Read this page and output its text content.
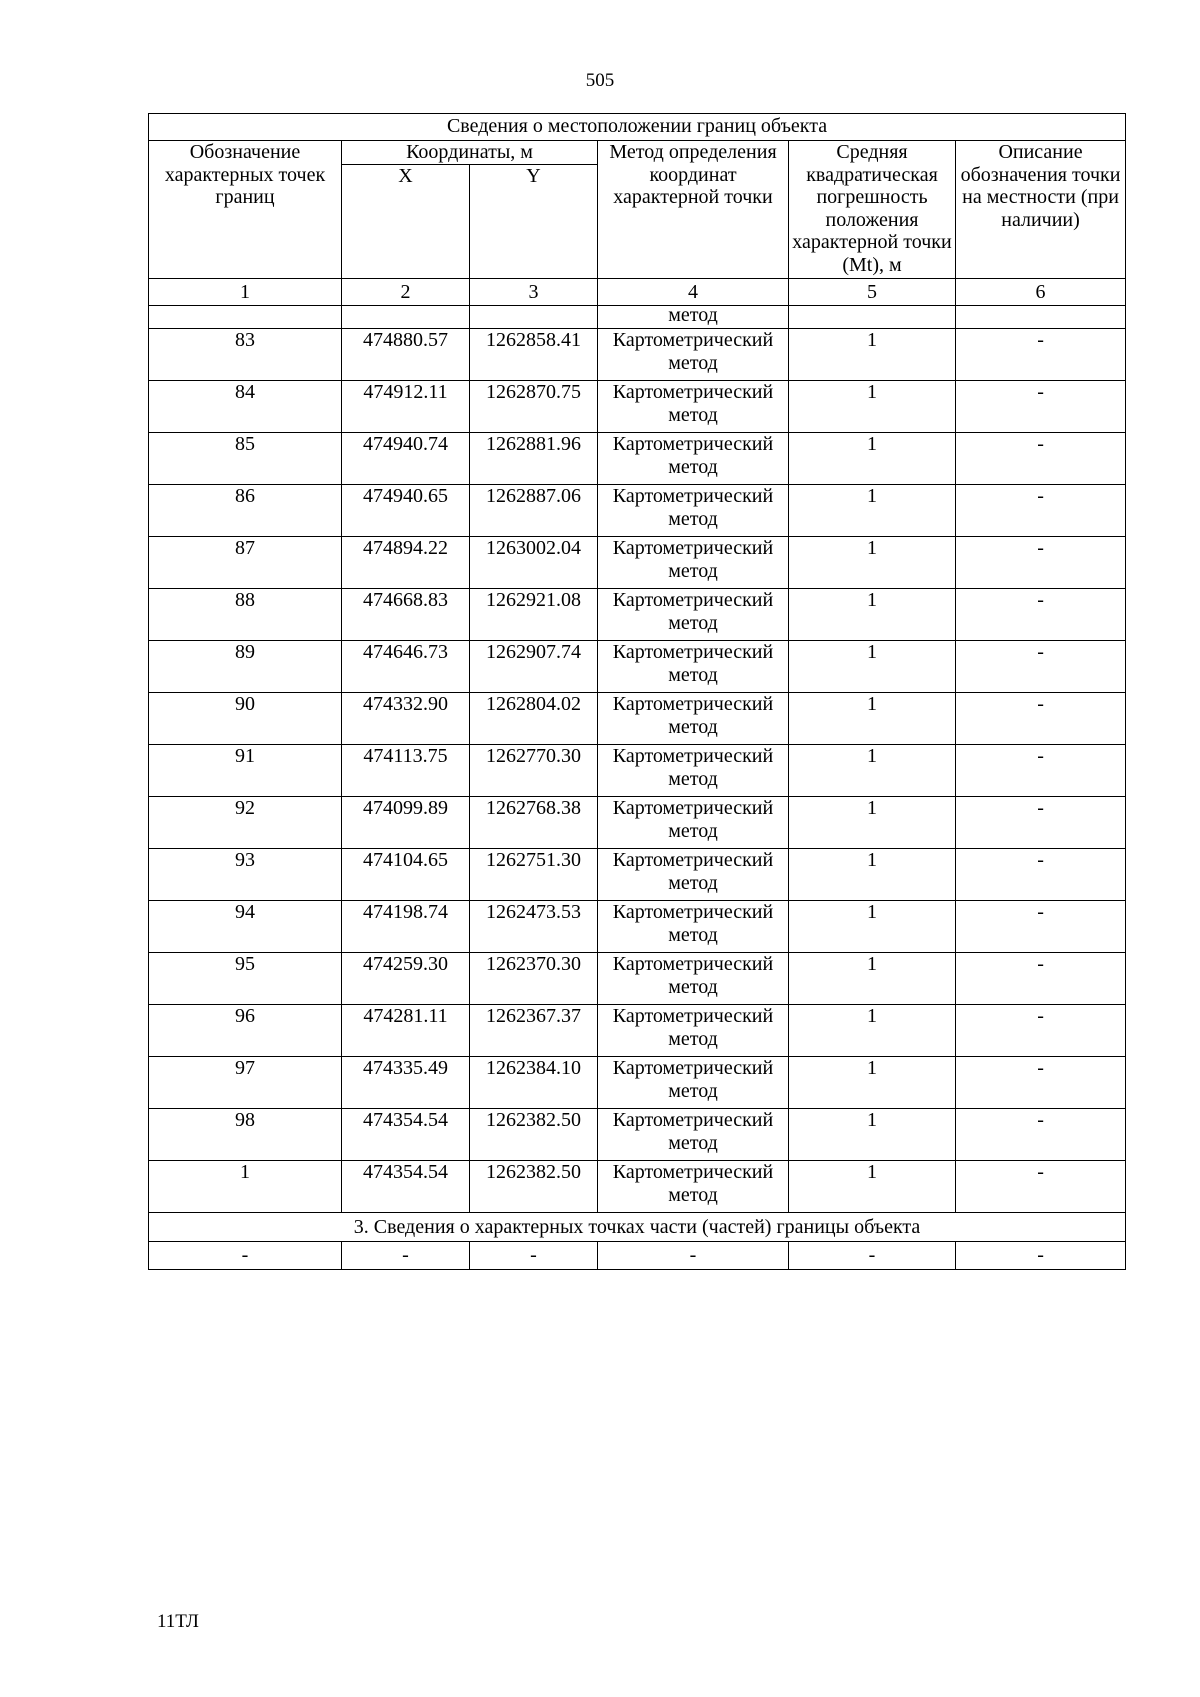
505
Сведения о местоположении границ объекта					
Обозначение характерных точек границ	Координаты, м		Метод определения координат характерной точки	Средняя квадратическая погрешность положения характерной точки (Mt), м	Описание обозначения точки на местности (при наличии)
	X	Y			
1	2	3	4	5	6
			метод		
83	474880.57	1262858.41	Картометрический метод	1	-
84	474912.11	1262870.75	Картометрический метод	1	-
85	474940.74	1262881.96	Картометрический метод	1	-
86	474940.65	1262887.06	Картометрический метод	1	-
87	474894.22	1263002.04	Картометрический метод	1	-
88	474668.83	1262921.08	Картометрический метод	1	-
89	474646.73	1262907.74	Картометрический метод	1	-
90	474332.90	1262804.02	Картометрический метод	1	-
91	474113.75	1262770.30	Картометрический метод	1	-
92	474099.89	1262768.38	Картометрический метод	1	-
93	474104.65	1262751.30	Картометрический метод	1	-
94	474198.74	1262473.53	Картометрический метод	1	-
95	474259.30	1262370.30	Картометрический метод	1	-
96	474281.11	1262367.37	Картометрический метод	1	-
97	474335.49	1262384.10	Картометрический метод	1	-
98	474354.54	1262382.50	Картометрический метод	1	-
1	474354.54	1262382.50	Картометрический метод	1	-
3. Сведения о характерных точках части (частей) границы объекта					
-	-	-	-	-	-
11ТЛ
